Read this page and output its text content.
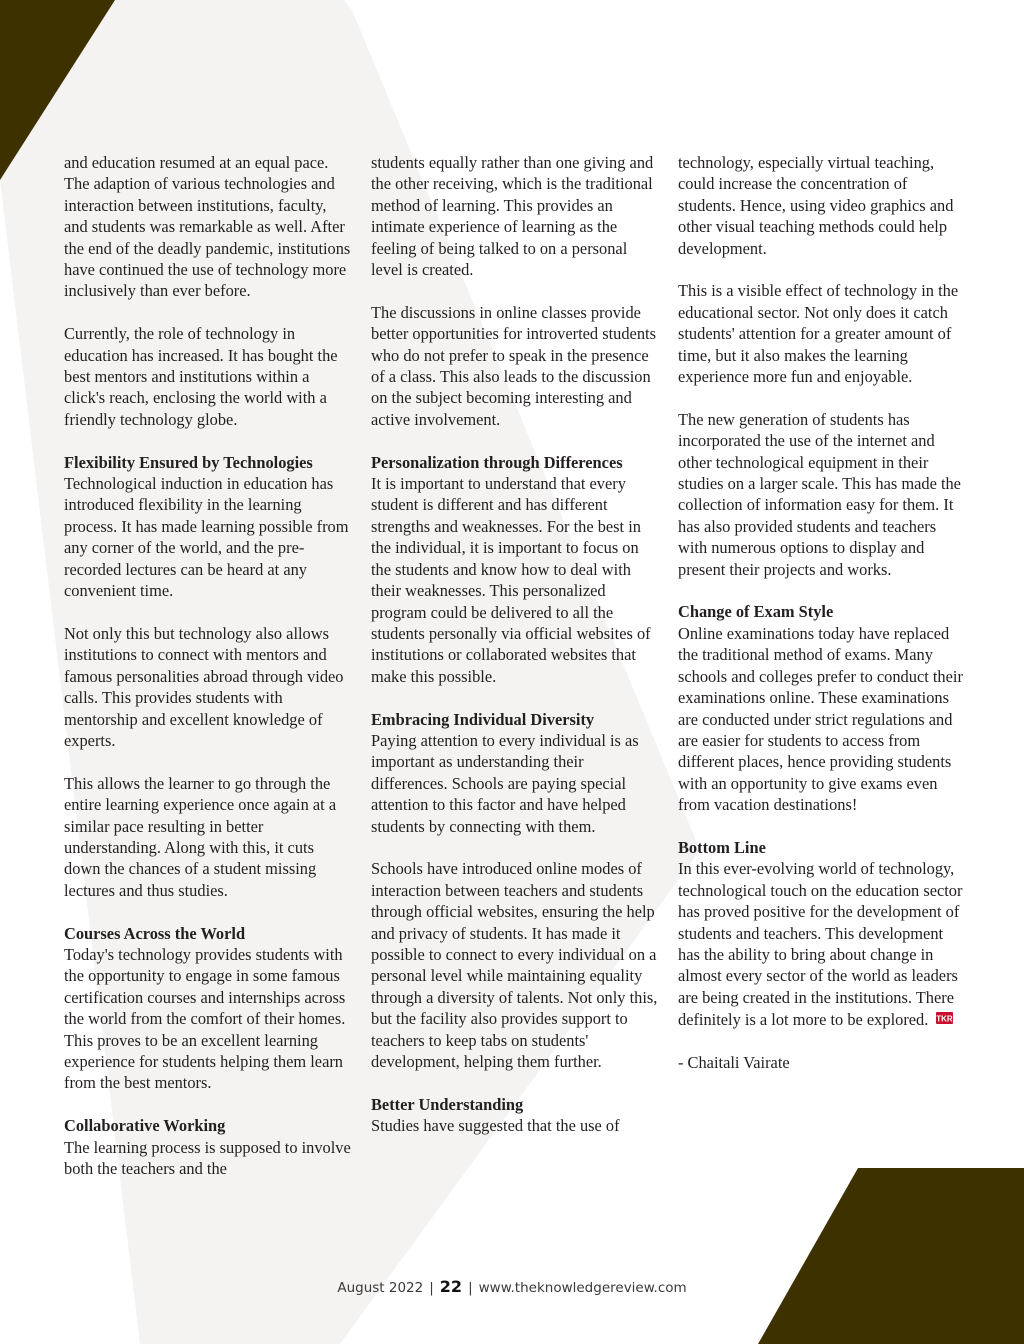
and education resumed at an equal pace. The adaption of various technologies and interaction between institutions, faculty, and students was remarkable as well. After the end of the deadly pandemic, institutions have continued the use of technology more inclusively than ever before.

Currently, the role of technology in education has increased. It has bought the best mentors and institutions within a click's reach, enclosing the world with a friendly technology globe.

Flexibility Ensured by Technologies
Technological induction in education has introduced flexibility in the learning process. It has made learning possible from any corner of the world, and the pre-recorded lectures can be heard at any convenient time.

Not only this but technology also allows institutions to connect with mentors and famous personalities abroad through video calls. This provides students with mentorship and excellent knowledge of experts.

This allows the learner to go through the entire learning experience once again at a similar pace resulting in better understanding. Along with this, it cuts down the chances of a student missing lectures and thus studies.

Courses Across the World
Today's technology provides students with the opportunity to engage in some famous certification courses and internships across the world from the comfort of their homes. This proves to be an excellent learning experience for students helping them learn from the best mentors.

Collaborative Working
The learning process is supposed to involve both the teachers and the

students equally rather than one giving and the other receiving, which is the traditional method of learning. This provides an intimate experience of learning as the feeling of being talked to on a personal level is created.

The discussions in online classes provide better opportunities for introverted students who do not prefer to speak in the presence of a class. This also leads to the discussion on the subject becoming interesting and active involvement.

Personalization through Differences
It is important to understand that every student is different and has different strengths and weaknesses. For the best in the individual, it is important to focus on the students and know how to deal with their weaknesses. This personalized program could be delivered to all the students personally via official websites of institutions or collaborated websites that make this possible.

Embracing Individual Diversity
Paying attention to every individual is as important as understanding their differences. Schools are paying special attention to this factor and have helped students by connecting with them.

Schools have introduced online modes of interaction between teachers and students through official websites, ensuring the help and privacy of students. It has made it possible to connect to every individual on a personal level while maintaining equality through a diversity of talents. Not only this, but the facility also provides support to teachers to keep tabs on students' development, helping them further.

Better Understanding
Studies have suggested that the use of

technology, especially virtual teaching, could increase the concentration of students. Hence, using video graphics and other visual teaching methods could help development.

This is a visible effect of technology in the educational sector. Not only does it catch students' attention for a greater amount of time, but it also makes the learning experience more fun and enjoyable.

The new generation of students has incorporated the use of the internet and other technological equipment in their studies on a larger scale. This has made the collection of information easy for them. It has also provided students and teachers with numerous options to display and present their projects and works.

Change of Exam Style
Online examinations today have replaced the traditional method of exams. Many schools and colleges prefer to conduct their examinations online. These examinations are conducted under strict regulations and are easier for students to access from different places, hence providing students with an opportunity to give exams even from vacation destinations!

Bottom Line
In this ever-evolving world of technology, technological touch on the education sector has proved positive for the development of students and teachers. This development has the ability to bring about change in almost every sector of the world as leaders are being created in the institutions. There definitely is a lot more to be explored. TKR

- Chaitali Vairate

August 2022 | 22 | www.theknowledgereview.com
